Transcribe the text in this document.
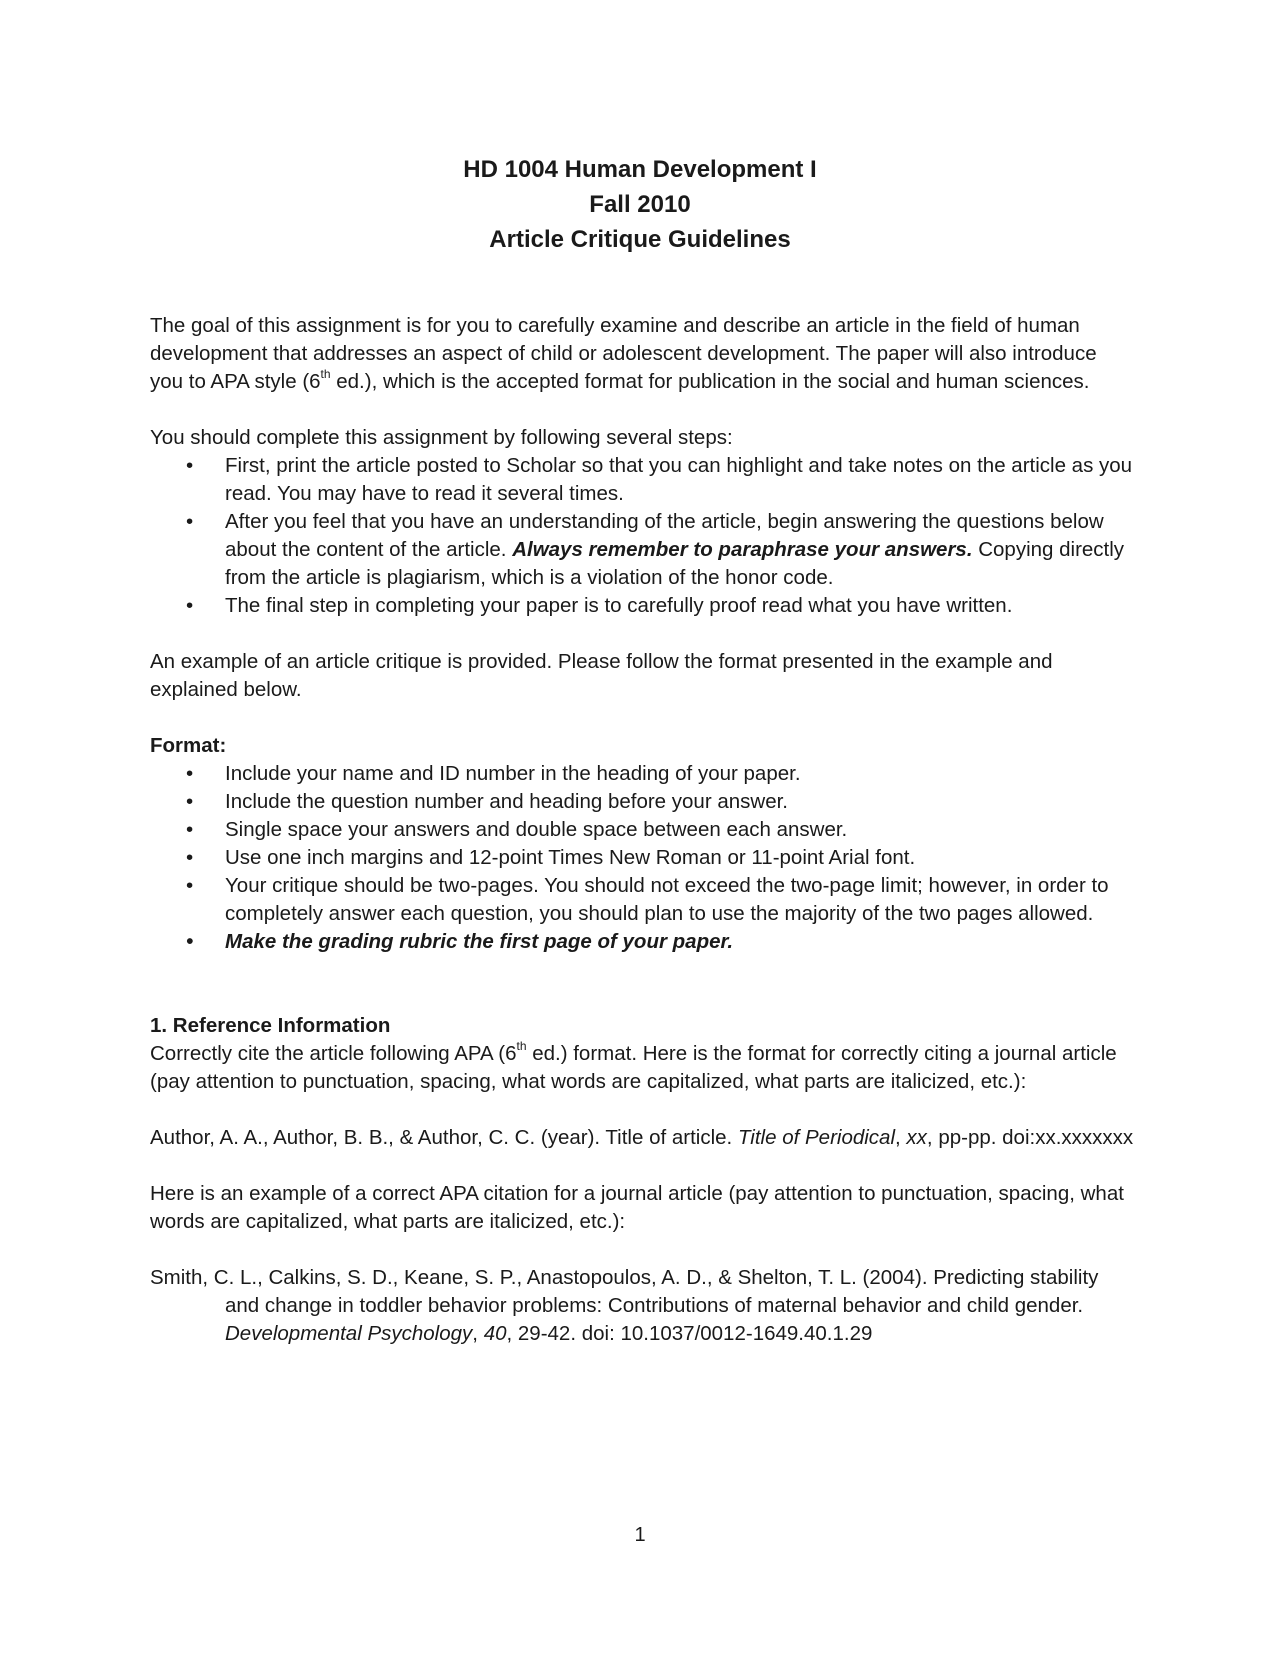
HD 1004 Human Development I
Fall 2010
Article Critique Guidelines

The goal of this assignment is for you to carefully examine and describe an article in the field of human development that addresses an aspect of child or adolescent development. The paper will also introduce you to APA style (6th ed.), which is the accepted format for publication in the social and human sciences.

You should complete this assignment by following several steps:

•	First, print the article posted to Scholar so that you can highlight and take notes on the article as you read. You may have to read it several times.
•	After you feel that you have an understanding of the article, begin answering the questions below about the content of the article. Always remember to paraphrase your answers. Copying directly from the article is plagiarism, which is a violation of the honor code.
•	The final step in completing your paper is to carefully proof read what you have written.

An example of an article critique is provided. Please follow the format presented in the example and explained below.

Format:

•	Include your name and ID number in the heading of your paper.
•	Include the question number and heading before your answer.
•	Single space your answers and double space between each answer.
•	Use one inch margins and 12-point Times New Roman or 11-point Arial font.
•	Your critique should be two-pages. You should not exceed the two-page limit; however, in order to completely answer each question, you should plan to use the majority of the two pages allowed.
•	Make the grading rubric the first page of your paper.

1. Reference Information

Correctly cite the article following APA (6th ed.) format. Here is the format for correctly citing a journal article (pay attention to punctuation, spacing, what words are capitalized, what parts are italicized, etc.):

Author, A. A., Author, B. B., & Author, C. C. (year). Title of article. Title of Periodical, xx, pp-pp. doi:xx.xxxxxxx

Here is an example of a correct APA citation for a journal article (pay attention to punctuation, spacing, what words are capitalized, what parts are italicized, etc.):

Smith, C. L., Calkins, S. D., Keane, S. P., Anastopoulos, A. D., & Shelton, T. L. (2004). Predicting stability and change in toddler behavior problems: Contributions of maternal behavior and child gender. Developmental Psychology, 40, 29-42. doi: 10.1037/0012-1649.40.1.29

1
